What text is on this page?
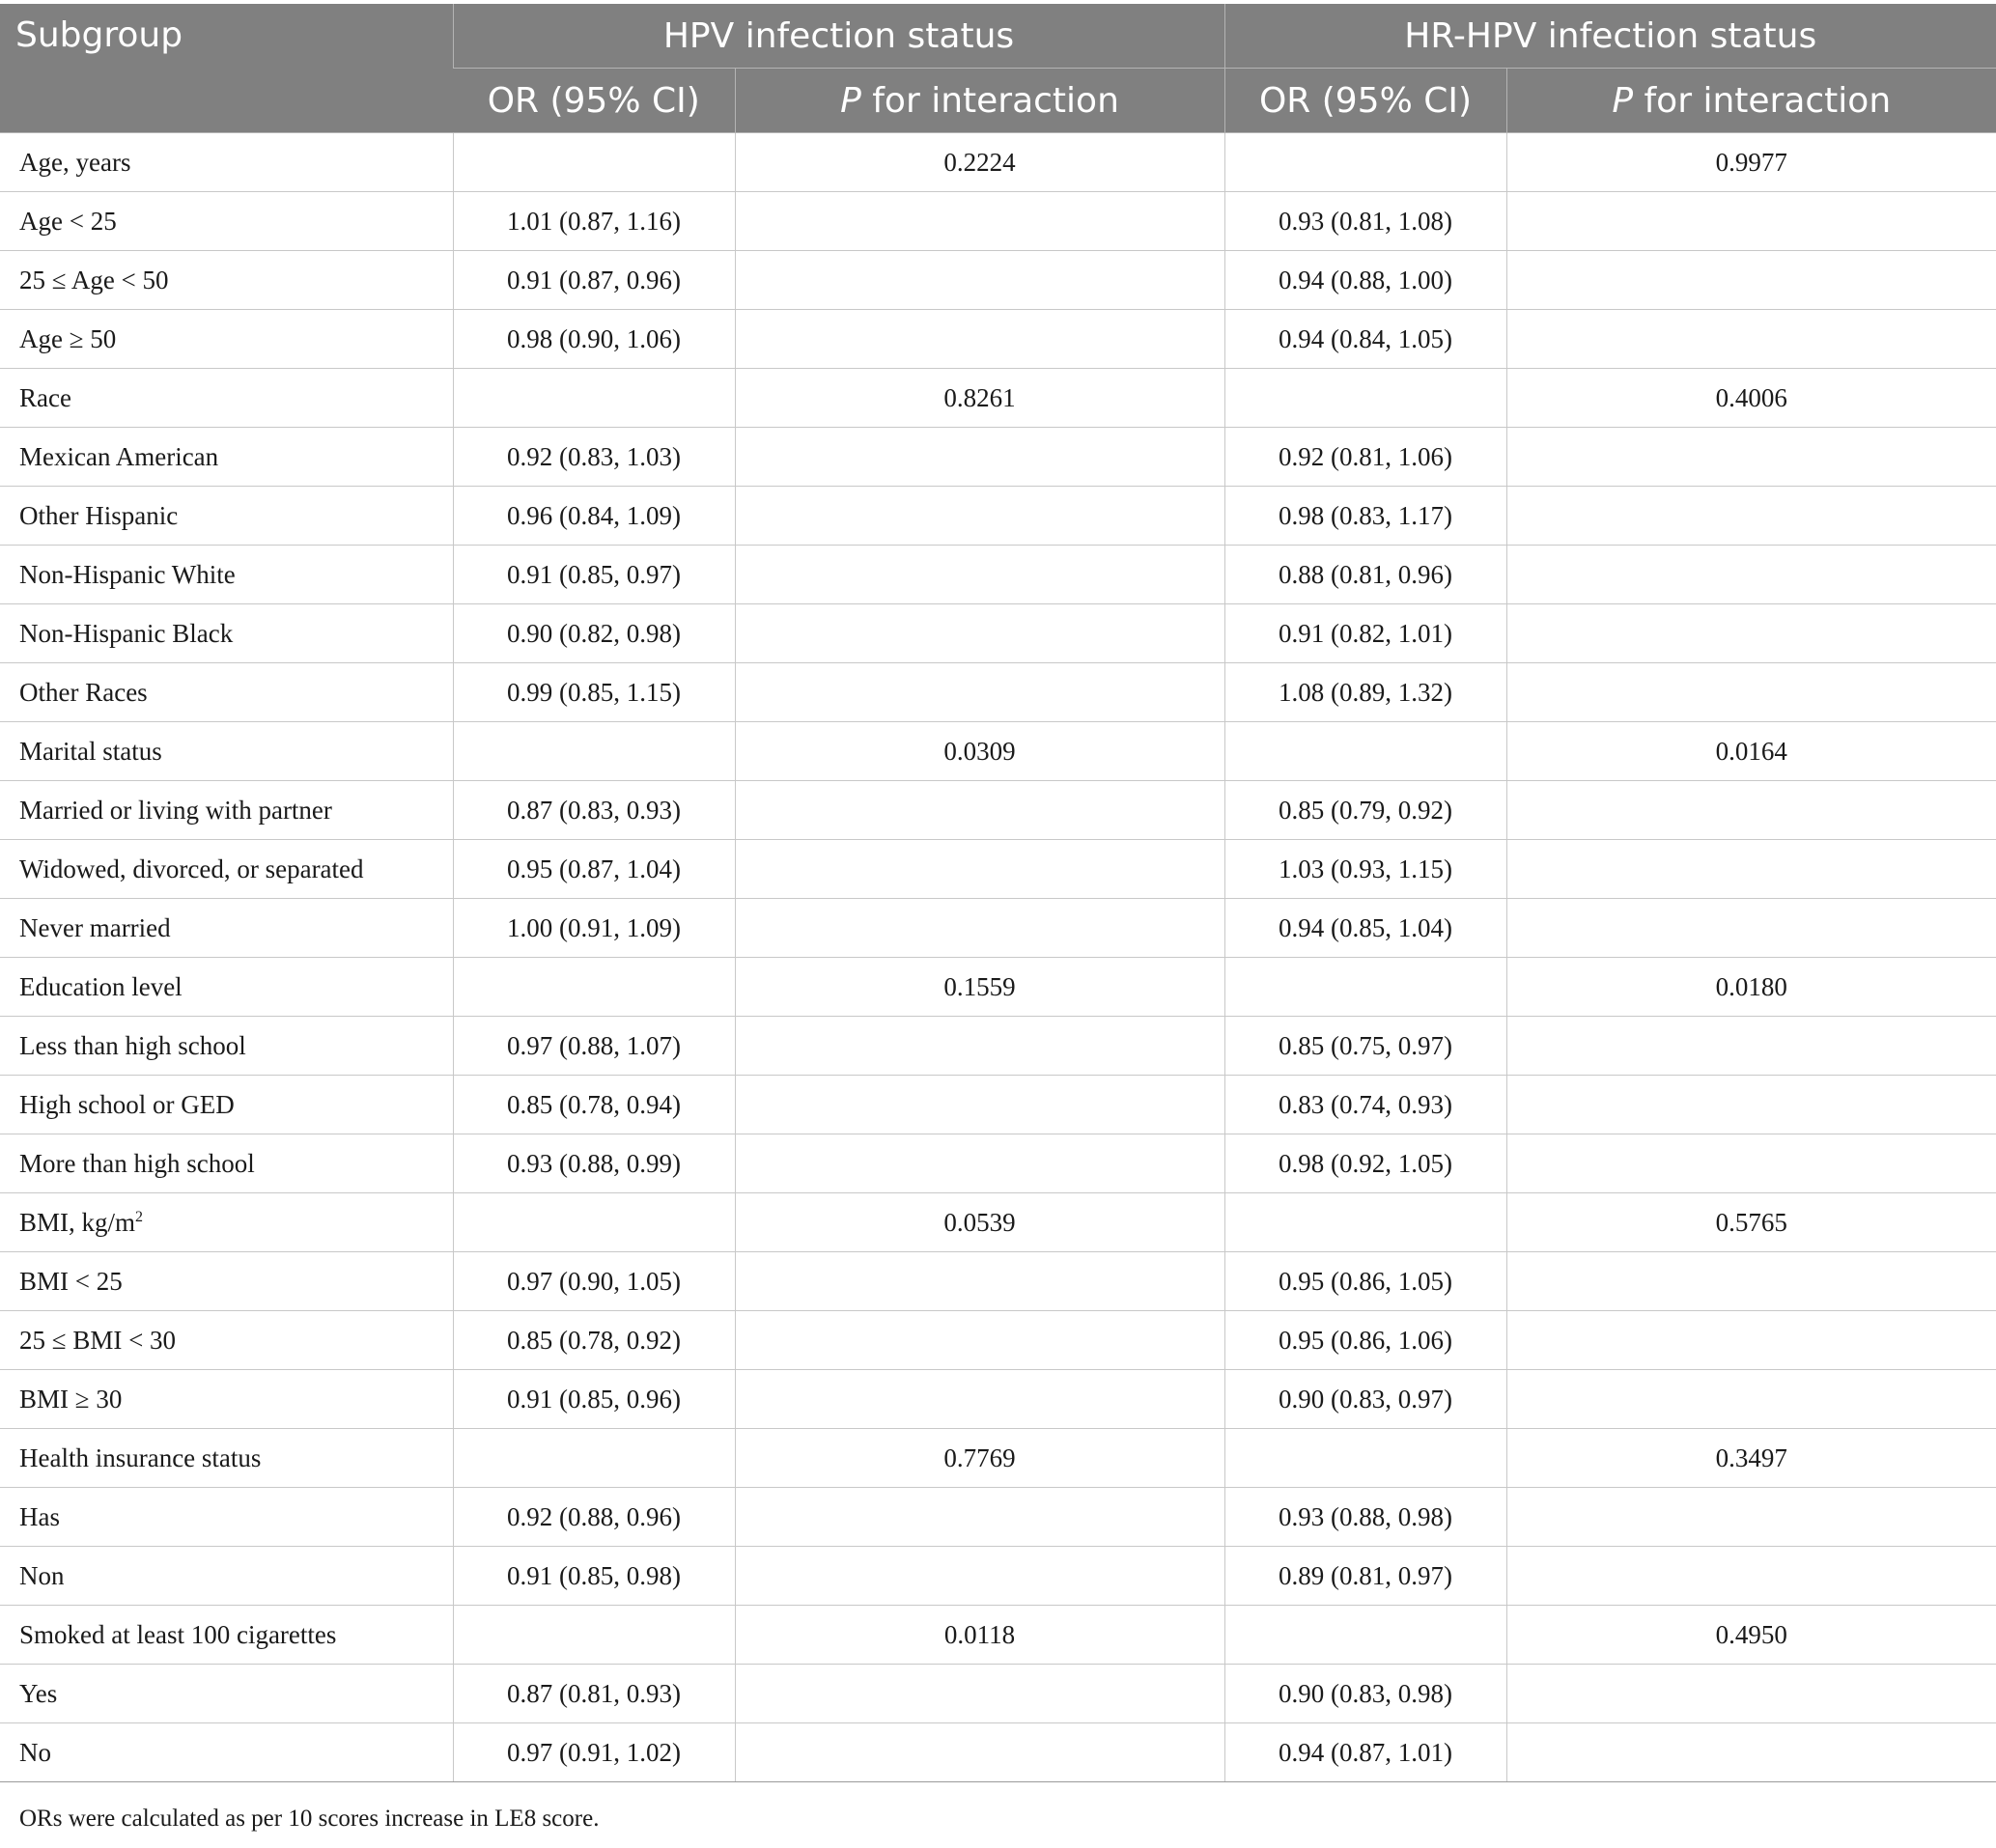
Subgroup	HPV infection status		HR-HPV infection status	
	OR (95% CI)	P for interaction	OR (95% CI)	P for interaction
Age, years		0.2224		0.9977
Age < 25	1.01 (0.87, 1.16)		0.93 (0.81, 1.08)	
25 ≤ Age < 50	0.91 (0.87, 0.96)		0.94 (0.88, 1.00)	
Age ≥ 50	0.98 (0.90, 1.06)		0.94 (0.84, 1.05)	
Race		0.8261		0.4006
Mexican American	0.92 (0.83, 1.03)		0.92 (0.81, 1.06)	
Other Hispanic	0.96 (0.84, 1.09)		0.98 (0.83, 1.17)	
Non-Hispanic White	0.91 (0.85, 0.97)		0.88 (0.81, 0.96)	
Non-Hispanic Black	0.90 (0.82, 0.98)		0.91 (0.82, 1.01)	
Other Races	0.99 (0.85, 1.15)		1.08 (0.89, 1.32)	
Marital status		0.0309		0.0164
Married or living with partner	0.87 (0.83, 0.93)		0.85 (0.79, 0.92)	
Widowed, divorced, or separated	0.95 (0.87, 1.04)		1.03 (0.93, 1.15)	
Never married	1.00 (0.91, 1.09)		0.94 (0.85, 1.04)	
Education level		0.1559		0.0180
Less than high school	0.97 (0.88, 1.07)		0.85 (0.75, 0.97)	
High school or GED	0.85 (0.78, 0.94)		0.83 (0.74, 0.93)	
More than high school	0.93 (0.88, 0.99)		0.98 (0.92, 1.05)	
BMI, $kg/m^2$		0.0539		0.5765
BMI < 25	0.97 (0.90, 1.05)		0.95 (0.86, 1.05)	
25 ≤ BMI < 30	0.85 (0.78, 0.92)		0.95 (0.86, 1.06)	
BMI ≥ 30	0.91 (0.85, 0.96)		0.90 (0.83, 0.97)	
Health insurance status		0.7769		0.3497
Has	0.92 (0.88, 0.96)		0.93 (0.88, 0.98)	
Non	0.91 (0.85, 0.98)		0.89 (0.81, 0.97)	
Smoked at least 100 cigarettes		0.0118		0.4950
Yes	0.87 (0.81, 0.93)		0.90 (0.83, 0.98)	
No	0.97 (0.91, 1.02)		0.94 (0.87, 1.01)	
ORs were calculated as per 10 scores increase in LE8 score.
